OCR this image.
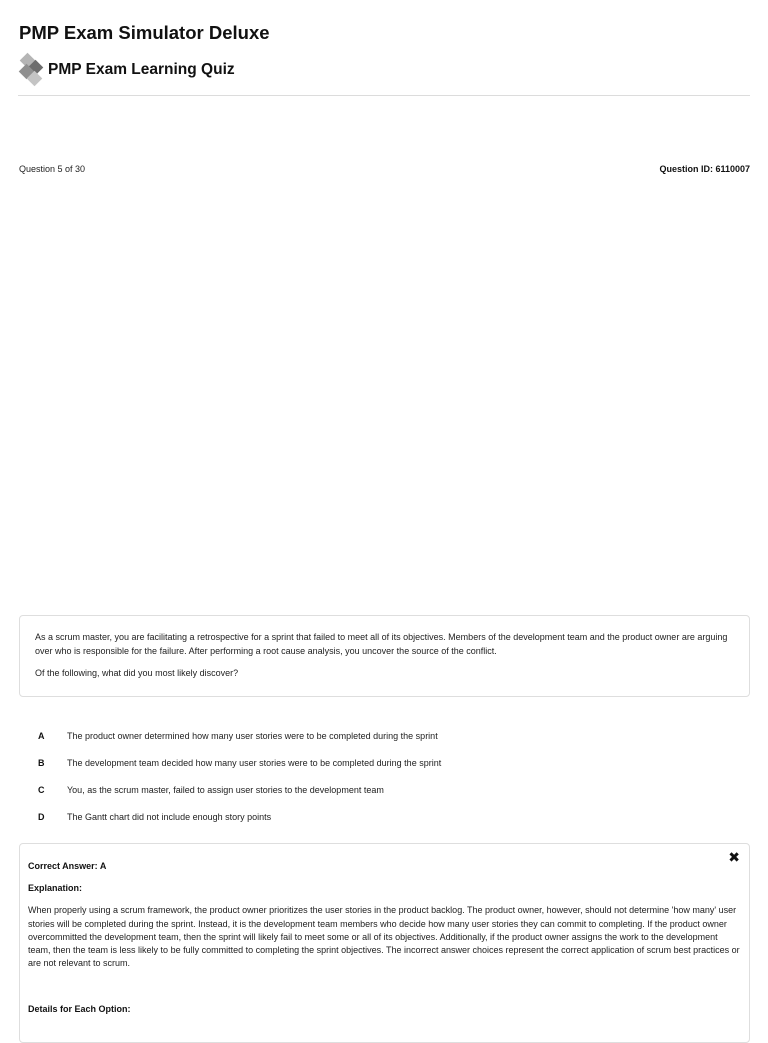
PMP Exam Simulator Deluxe
PMP Exam Learning Quiz
Question 5 of 30	Question ID: 6110007

As a scrum master, you are facilitating a retrospective for a sprint that failed to meet all of its objectives. Members of the development team and the product owner are arguing over who is responsible for the failure. After performing a root cause analysis, you uncover the source of the conflict.

Of the following, what did you most likely discover?

A	The product owner determined how many user stories were to be completed during the sprint
B	The development team decided how many user stories were to be completed during the sprint
C	You, as the scrum master, failed to assign user stories to the development team
D	The Gantt chart did not include enough story points
✖

Correct Answer: A

Explanation:

When properly using a scrum framework, the product owner prioritizes the user stories in the product backlog. The product owner, however, should not determine 'how many' user stories will be completed during the sprint. Instead, it is the development team members who decide how many user stories they can commit to completing. If the product owner overcommitted the development team, then the sprint will likely fail to meet some or all of its objectives. Additionally, if the product owner assigns the work to the development team, then the team is less likely to be fully committed to completing the sprint objectives. The incorrect answer choices represent the correct application of scrum best practices or are not relevant to scrum.

Details for Each Option:
